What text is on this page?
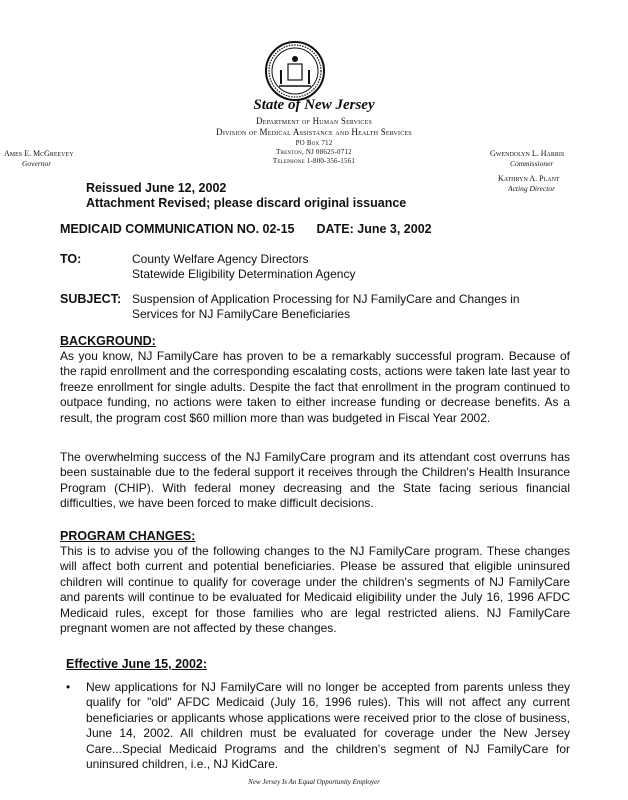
State of New Jersey
Department of Human Services
Division of Medical Assistance and Health Services
PO Box 712
Trenton, NJ 08625-0712
Telephone 1-800-356-1561
Ames E. McGreevey
Governor
Gwendolyn L. Harris
Commissioner
Kathryn A. Plant
Acting Director
Reissued June 12, 2002
Attachment Revised; please discard original issuance
MEDICAID COMMUNICATION NO. 02-15 DATE: June 3, 2002
TO:	County Welfare Agency Directors
Statewide Eligibility Determination Agency
SUBJECT: Suspension of Application Processing for NJ FamilyCare and Changes in Services for NJ FamilyCare Beneficiaries
BACKGROUND:
As you know, NJ FamilyCare has proven to be a remarkably successful program. Because of the rapid enrollment and the corresponding escalating costs, actions were taken late last year to freeze enrollment for single adults. Despite the fact that enrollment in the program continued to outpace funding, no actions were taken to either increase funding or decrease benefits. As a result, the program cost $60 million more than was budgeted in Fiscal Year 2002.
The overwhelming success of the NJ FamilyCare program and its attendant cost overruns has been sustainable due to the federal support it receives through the Children's Health Insurance Program (CHIP). With federal money decreasing and the State facing serious financial difficulties, we have been forced to make difficult decisions.
PROGRAM CHANGES:
This is to advise you of the following changes to the NJ FamilyCare program. These changes will affect both current and potential beneficiaries. Please be assured that eligible uninsured children will continue to qualify for coverage under the children's segments of NJ FamilyCare and parents will continue to be evaluated for Medicaid eligibility under the July 16, 1996 AFDC Medicaid rules, except for those families who are legal restricted aliens. NJ FamilyCare pregnant women are not affected by these changes.
Effective June 15, 2002:
• New applications for NJ FamilyCare will no longer be accepted from parents unless they qualify for "old" AFDC Medicaid (July 16, 1996 rules). This will not affect any current beneficiaries or applicants whose applications were received prior to the close of business, June 14, 2002. All children must be evaluated for coverage under the New Jersey Care...Special Medicaid Programs and the children's segment of NJ FamilyCare for uninsured children, i.e., NJ KidCare.
New Jersey Is An Equal Opportunity Employer
